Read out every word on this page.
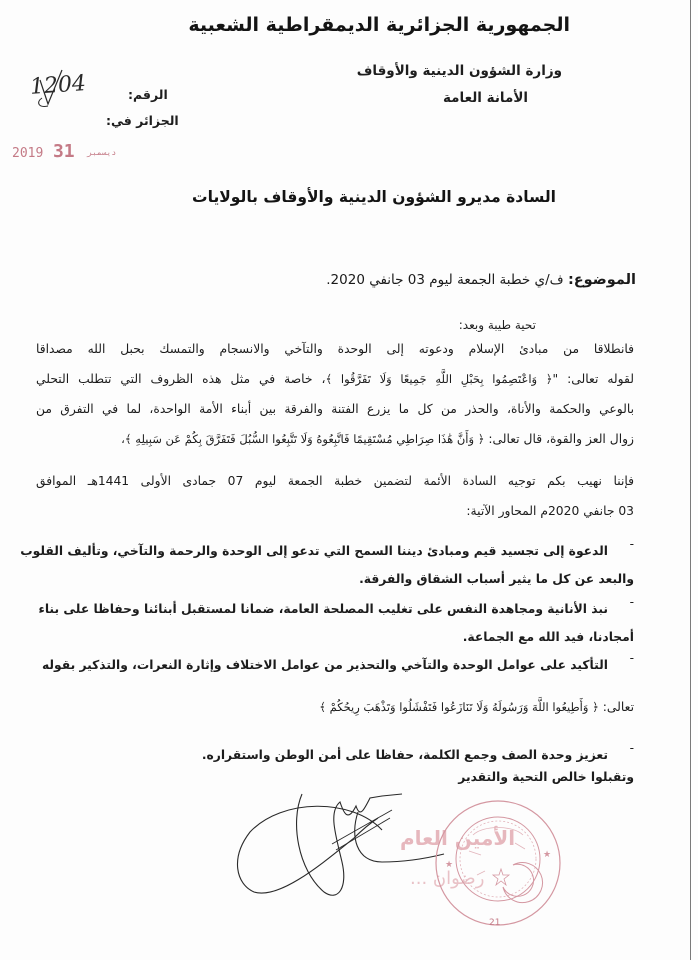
الجمهورية الجزائرية الديمقراطية الشعبية
وزارة الشؤون الدينية والأوقاف
الأمانة العامة
الرقم:
1204
الجزائر في:
2019	ديسمبر 31
السادة مديرو الشؤون الدينية والأوقاف بالولايات
الموضوع: ف/ي خطبة الجمعة ليوم 03 جانفي 2020.
تحية طيبة وبعد:
فانطلاقا من مبادئ الإسلام ودعوته إلى الوحدة والتآخي والانسجام والتمسك بحبل الله مصداقا
لقوله تعالى: "﴿ وَاعْتَصِمُوا بِحَبْلِ اللَّهِ جَمِيعًا وَلَا تَفَرَّقُوا ﴾، خاصة في مثل هذه الظروف التي تتطلب التحلي
بالوعي والحكمة والأناة، والحذر من كل ما يزرع الفتنة والفرقة بين أبناء الأمة الواحدة، لما في التفرق من
زوال العز والقوة، قال تعالى: ﴿ وَأَنَّ هَٰذَا صِرَاطِي مُسْتَقِيمًا فَاتَّبِعُوهُ وَلَا تَتَّبِعُوا السُّبُلَ فَتَفَرَّقَ بِكُمْ عَن سَبِيلِهِ ﴾،
فإننا نهيب بكم توجيه السادة الأئمة لتضمين خطبة الجمعة ليوم 07 جمادى الأولى 1441هـ الموافق
03 جانفي 2020م المحاور الآتية:
-
الدعوة إلى تجسيد قيم ومبادئ ديننا السمح التي تدعو إلى الوحدة والرحمة والتآخي، وتأليف القلوب
والبعد عن كل ما يثير أسباب الشقاق والفرقة.
-
نبذ الأنانية ومجاهدة النفس على تغليب المصلحة العامة، ضمانا لمستقبل أبنائنا وحفاظا على بناء
أمجادنا، فيد الله مع الجماعة.
-
التأكيد على عوامل الوحدة والتآخي والتحذير من عوامل الاختلاف وإثارة النعرات، والتذكير بقوله
تعالى: ﴿ وَأَطِيعُوا اللَّهَ وَرَسُولَهُ وَلَا تَنَازَعُوا فَتَفْشَلُوا وَتَذْهَبَ رِيحُكُمْ ﴾
-
تعزيز وحدة الصف وجمع الكلمة، حفاظا على أمن الوطن واستقراره.
وتقبلوا خالص التحية والتقدير
الأمين العام
رضوان ...
★
★
21
